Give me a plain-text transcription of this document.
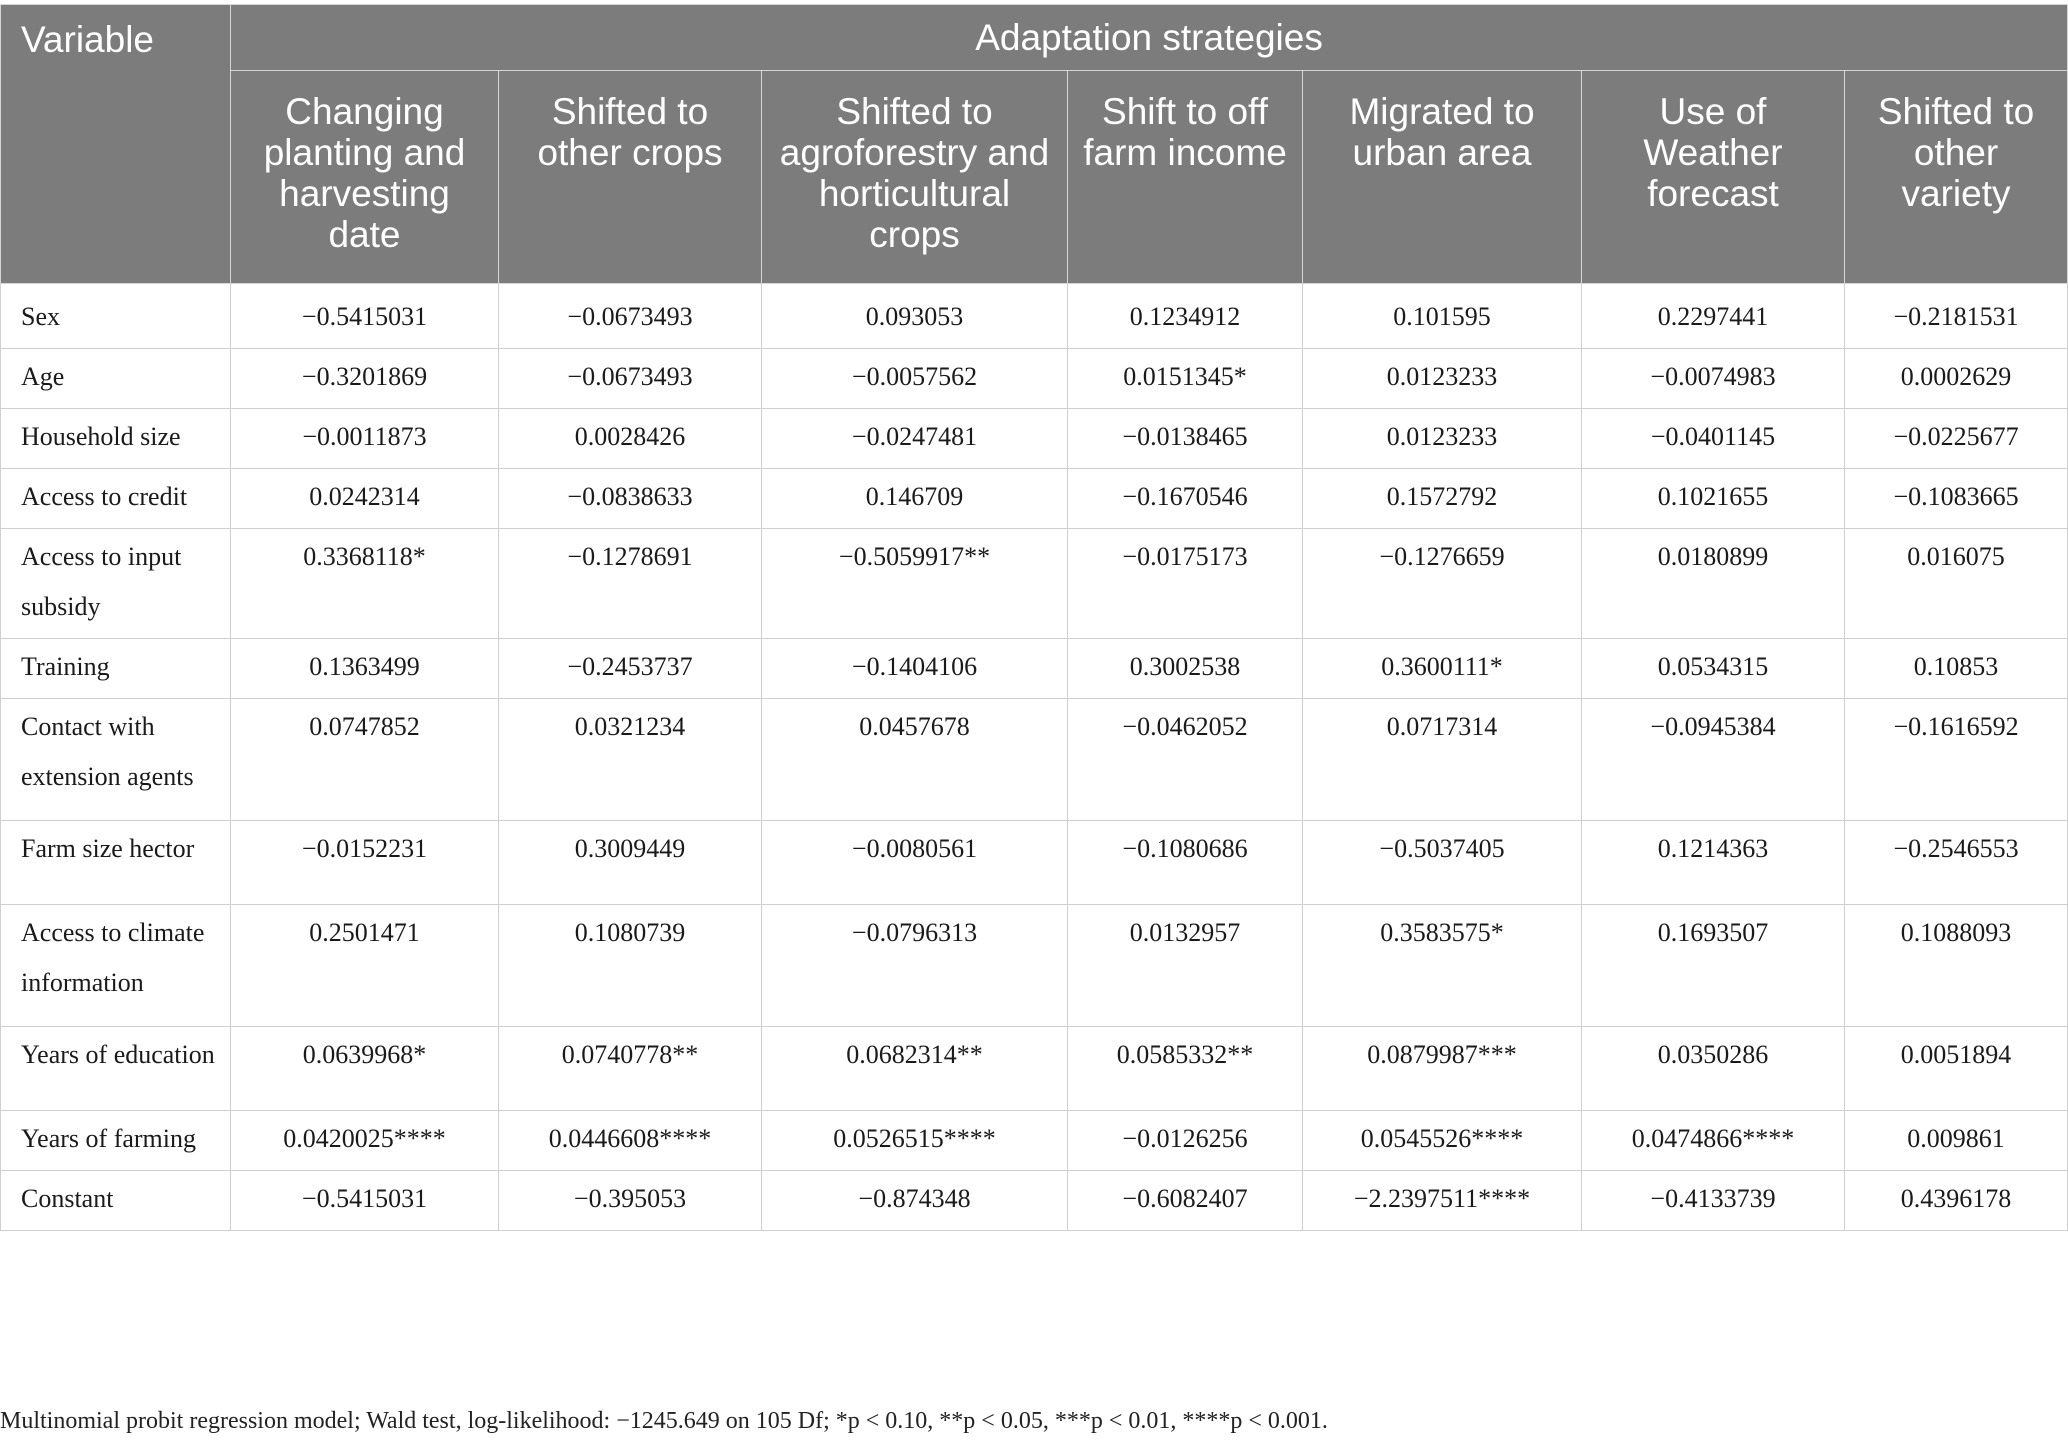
Variable	Adaptation strategies						
	Changing planting and harvesting date	Shifted to other crops	Shifted to agroforestry and horticultural crops	Shift to off farm income	Migrated to urban area	Use of Weather forecast	Shifted to other variety
Sex	−0.5415031	−0.0673493	0.093053	0.1234912	0.101595	0.2297441	−0.2181531
Age	−0.3201869	−0.0673493	−0.0057562	0.0151345*	0.0123233	−0.0074983	0.0002629
Household size	−0.0011873	0.0028426	−0.0247481	−0.0138465	0.0123233	−0.0401145	−0.0225677
Access to credit	0.0242314	−0.0838633	0.146709	−0.1670546	0.1572792	0.1021655	−0.1083665
Access to input subsidy	0.3368118*	−0.1278691	−0.5059917**	−0.0175173	−0.1276659	0.0180899	0.016075
Training	0.1363499	−0.2453737	−0.1404106	0.3002538	0.3600111*	0.0534315	0.10853
Contact with extension agents	0.0747852	0.0321234	0.0457678	−0.0462052	0.0717314	−0.0945384	−0.1616592
Farm size hector	−0.0152231	0.3009449	−0.0080561	−0.1080686	−0.5037405	0.1214363	−0.2546553
Access to climate information	0.2501471	0.1080739	−0.0796313	0.0132957	0.3583575*	0.1693507	0.1088093
Years of education	0.0639968*	0.0740778**	0.0682314**	0.0585332**	0.0879987***	0.0350286	0.0051894
Years of farming	0.0420025****	0.0446608****	0.0526515****	−0.0126256	0.0545526****	0.0474866****	0.009861
Constant	−0.5415031	−0.395053	−0.874348	−0.6082407	−2.2397511****	−0.4133739	0.4396178
Multinomial probit regression model; Wald test, log-likelihood: −1245.649 on 105 Df; *p < 0.10, **p < 0.05, ***p < 0.01, ****p < 0.001.
